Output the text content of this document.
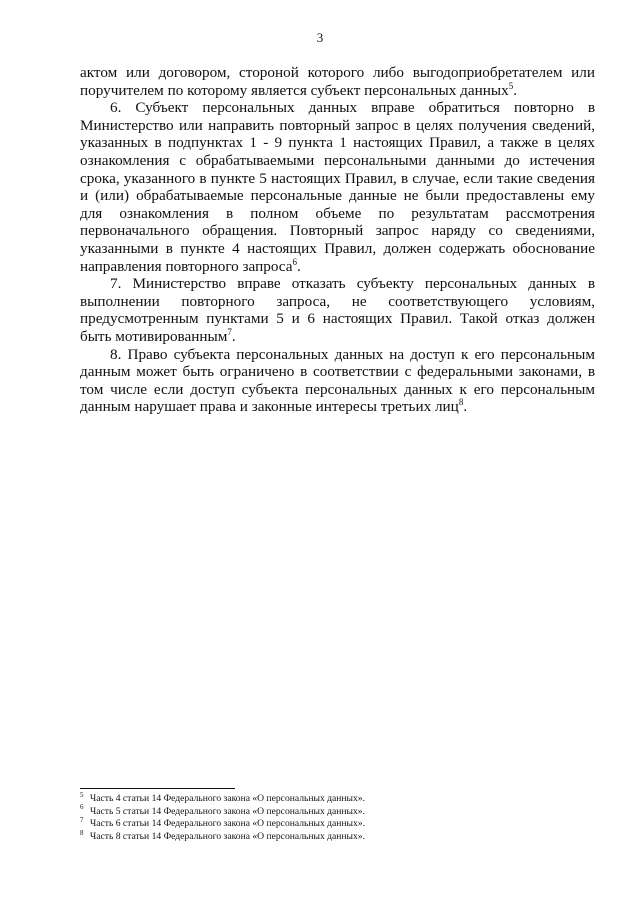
3

актом или договором, стороной которого либо выгодоприобретателем или поручителем по которому является субъект персональных данных$^5$.

6. Субъект персональных данных вправе обратиться повторно в Министерство или направить повторный запрос в целях получения сведений, указанных в подпунктах 1 - 9 пункта 1 настоящих Правил, а также в целях ознакомления с обрабатываемыми персональными данными до истечения срока, указанного в пункте 5 настоящих Правил, в случае, если такие сведения и (или) обрабатываемые персональные данные не были предоставлены ему для ознакомления в полном объеме по результатам рассмотрения первоначального обращения. Повторный запрос наряду со сведениями, указанными в пункте 4 настоящих Правил, должен содержать обоснование направления повторного запроса$^6$.

7. Министерство вправе отказать субъекту персональных данных в выполнении повторного запроса, не соответствующего условиям, предусмотренным пунктами 5 и 6 настоящих Правил. Такой отказ должен быть мотивированным$^7$.

8. Право субъекта персональных данных на доступ к его персональным данным может быть ограничено в соответствии с федеральными законами, в том числе если доступ субъекта персональных данных к его персональным данным нарушает права и законные интересы третьих лиц$^8$.

5 Часть 4 статьи 14 Федерального закона «О персональных данных».

6 Часть 5 статьи 14 Федерального закона «О персональных данных».

7 Часть 6 статьи 14 Федерального закона «О персональных данных».

8 Часть 8 статьи 14 Федерального закона «О персональных данных».
